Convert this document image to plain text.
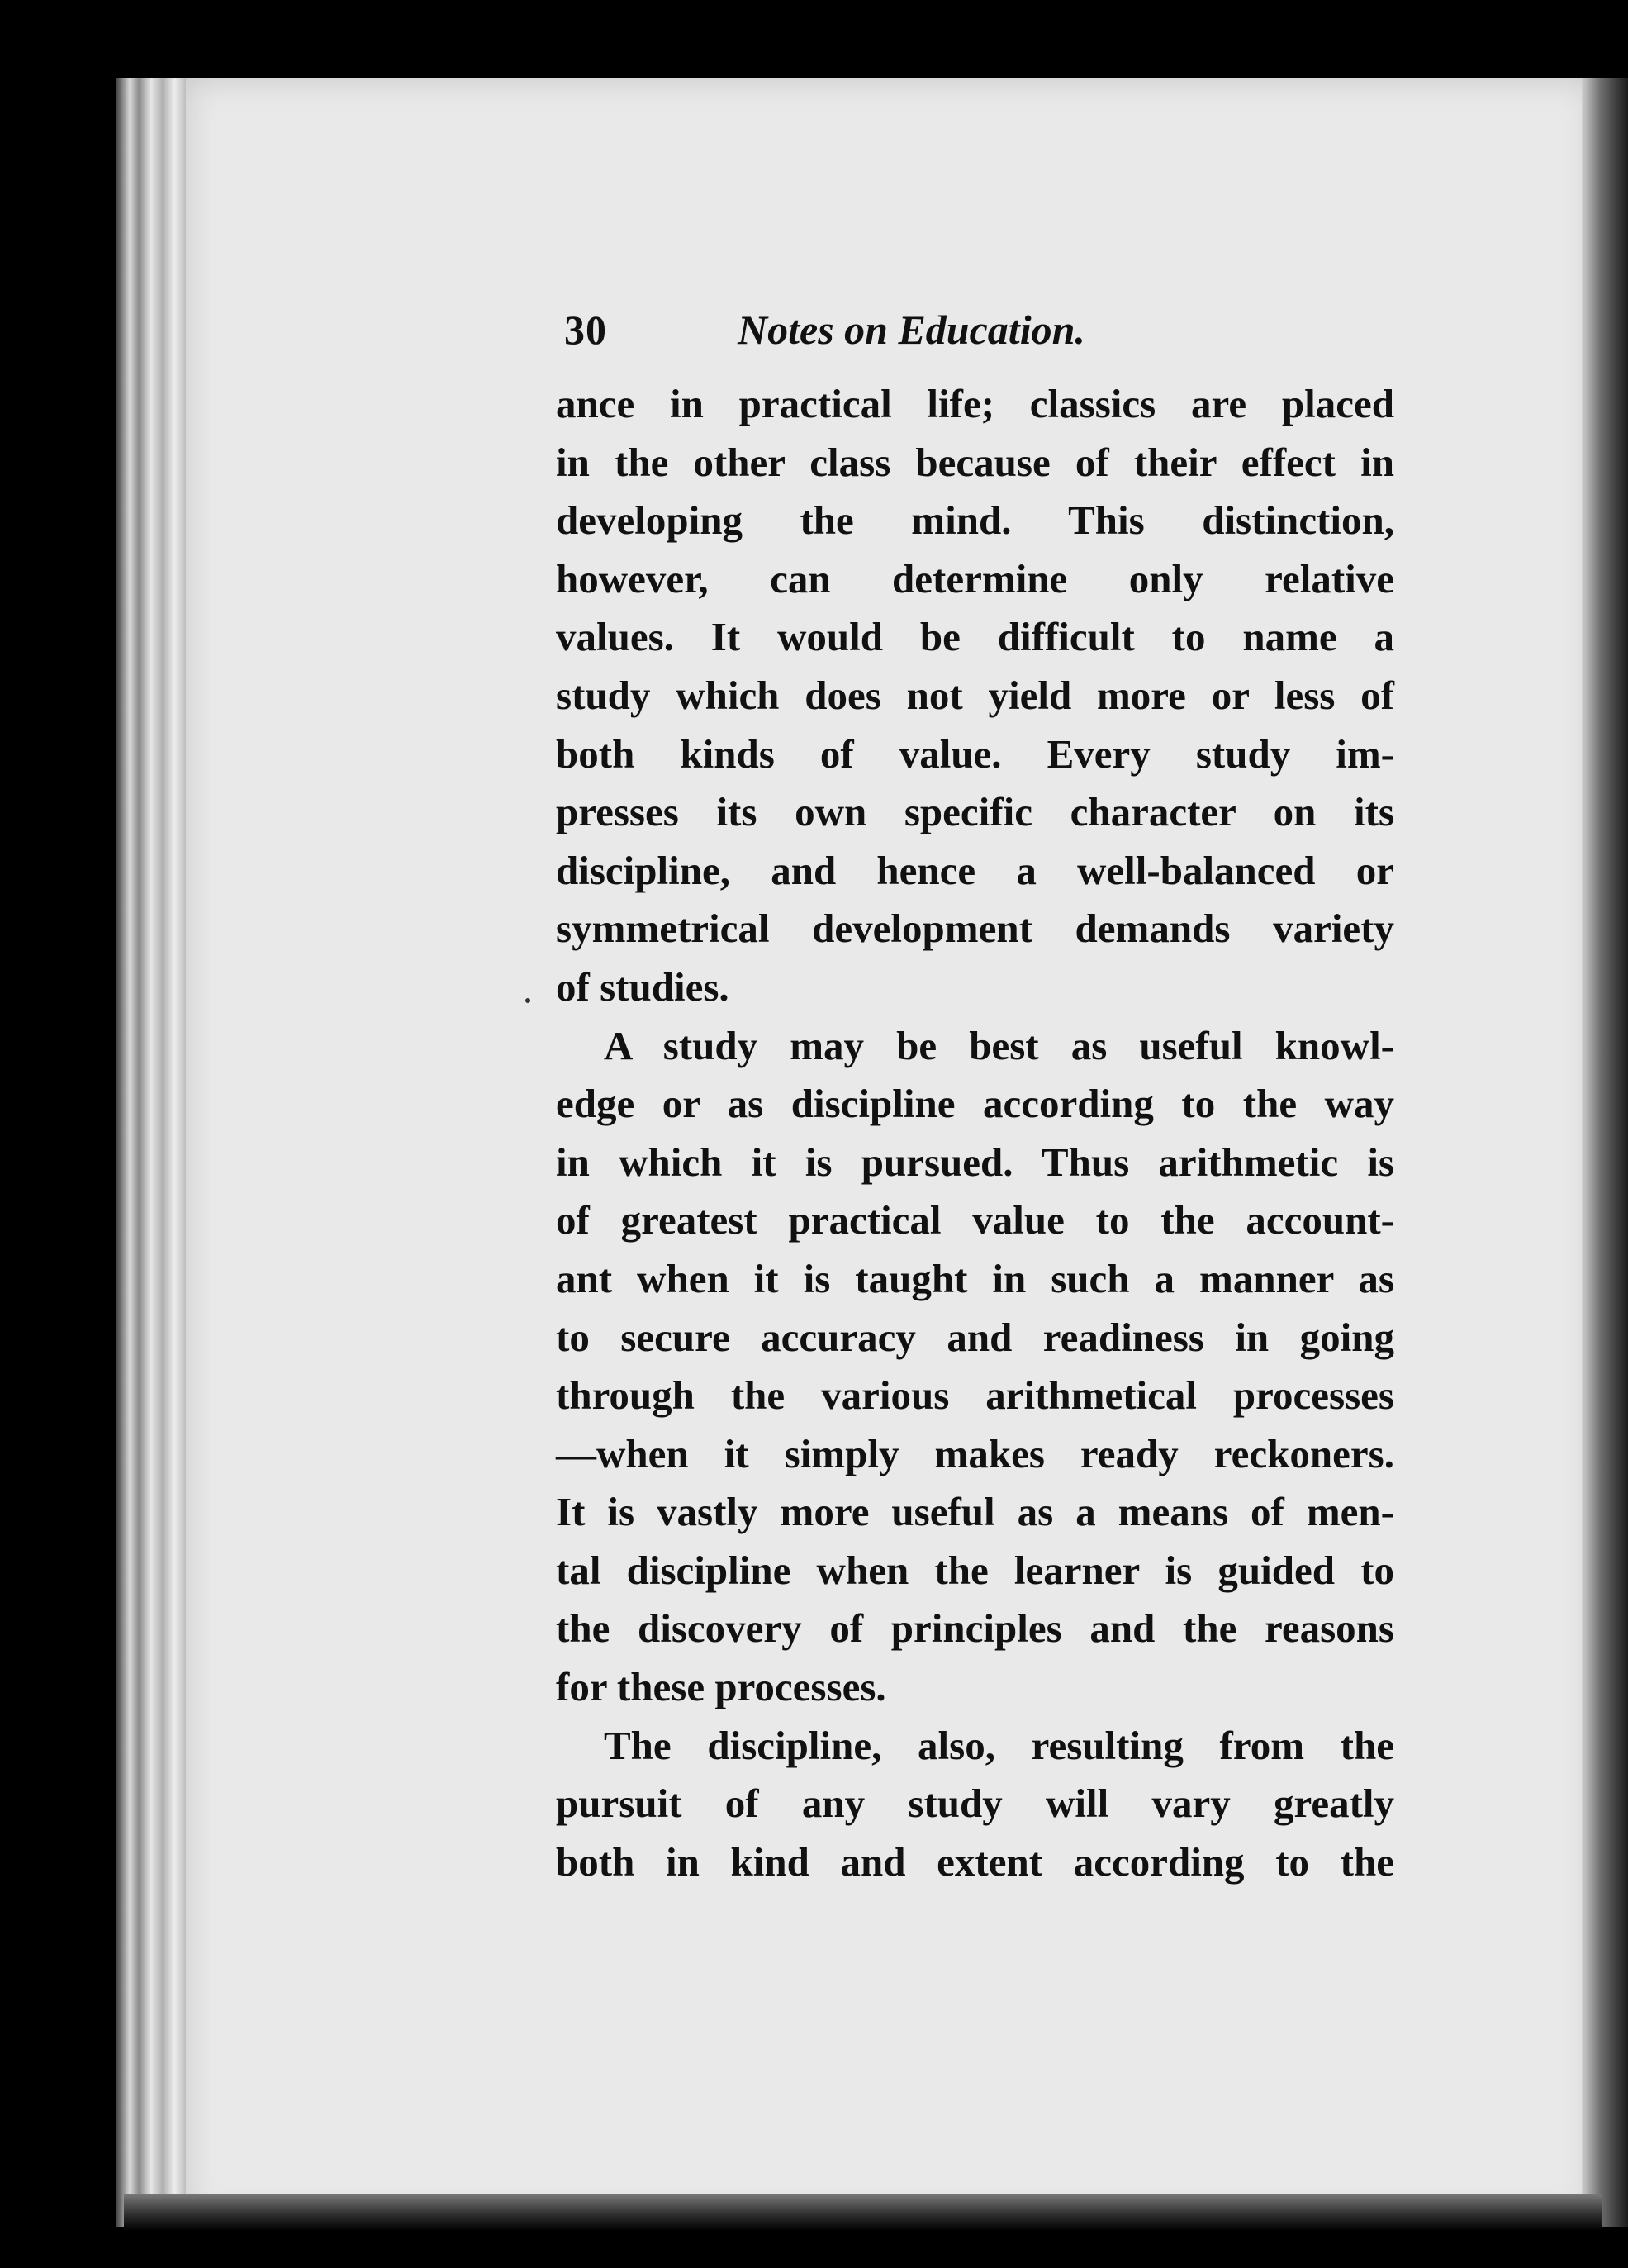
30	Notes on Education.
ance in practical life; classics are placed
in the other class because of their effect in
developing the mind. This distinction,
however, can determine only relative
values. It would be difficult to name a
study which does not yield more or less of
both kinds of value. Every study im-
presses its own specific character on its
discipline, and hence a well-balanced or
symmetrical development demands variety
of studies.
A study may be best as useful knowl-
edge or as discipline according to the way
in which it is pursued. Thus arithmetic is
of greatest practical value to the account-
ant when it is taught in such a manner as
to secure accuracy and readiness in going
through the various arithmetical processes
—when it simply makes ready reckoners.
It is vastly more useful as a means of men-
tal discipline when the learner is guided to
the discovery of principles and the reasons
for these processes.
The discipline, also, resulting from the
pursuit of any study will vary greatly
both in kind and extent according to the
